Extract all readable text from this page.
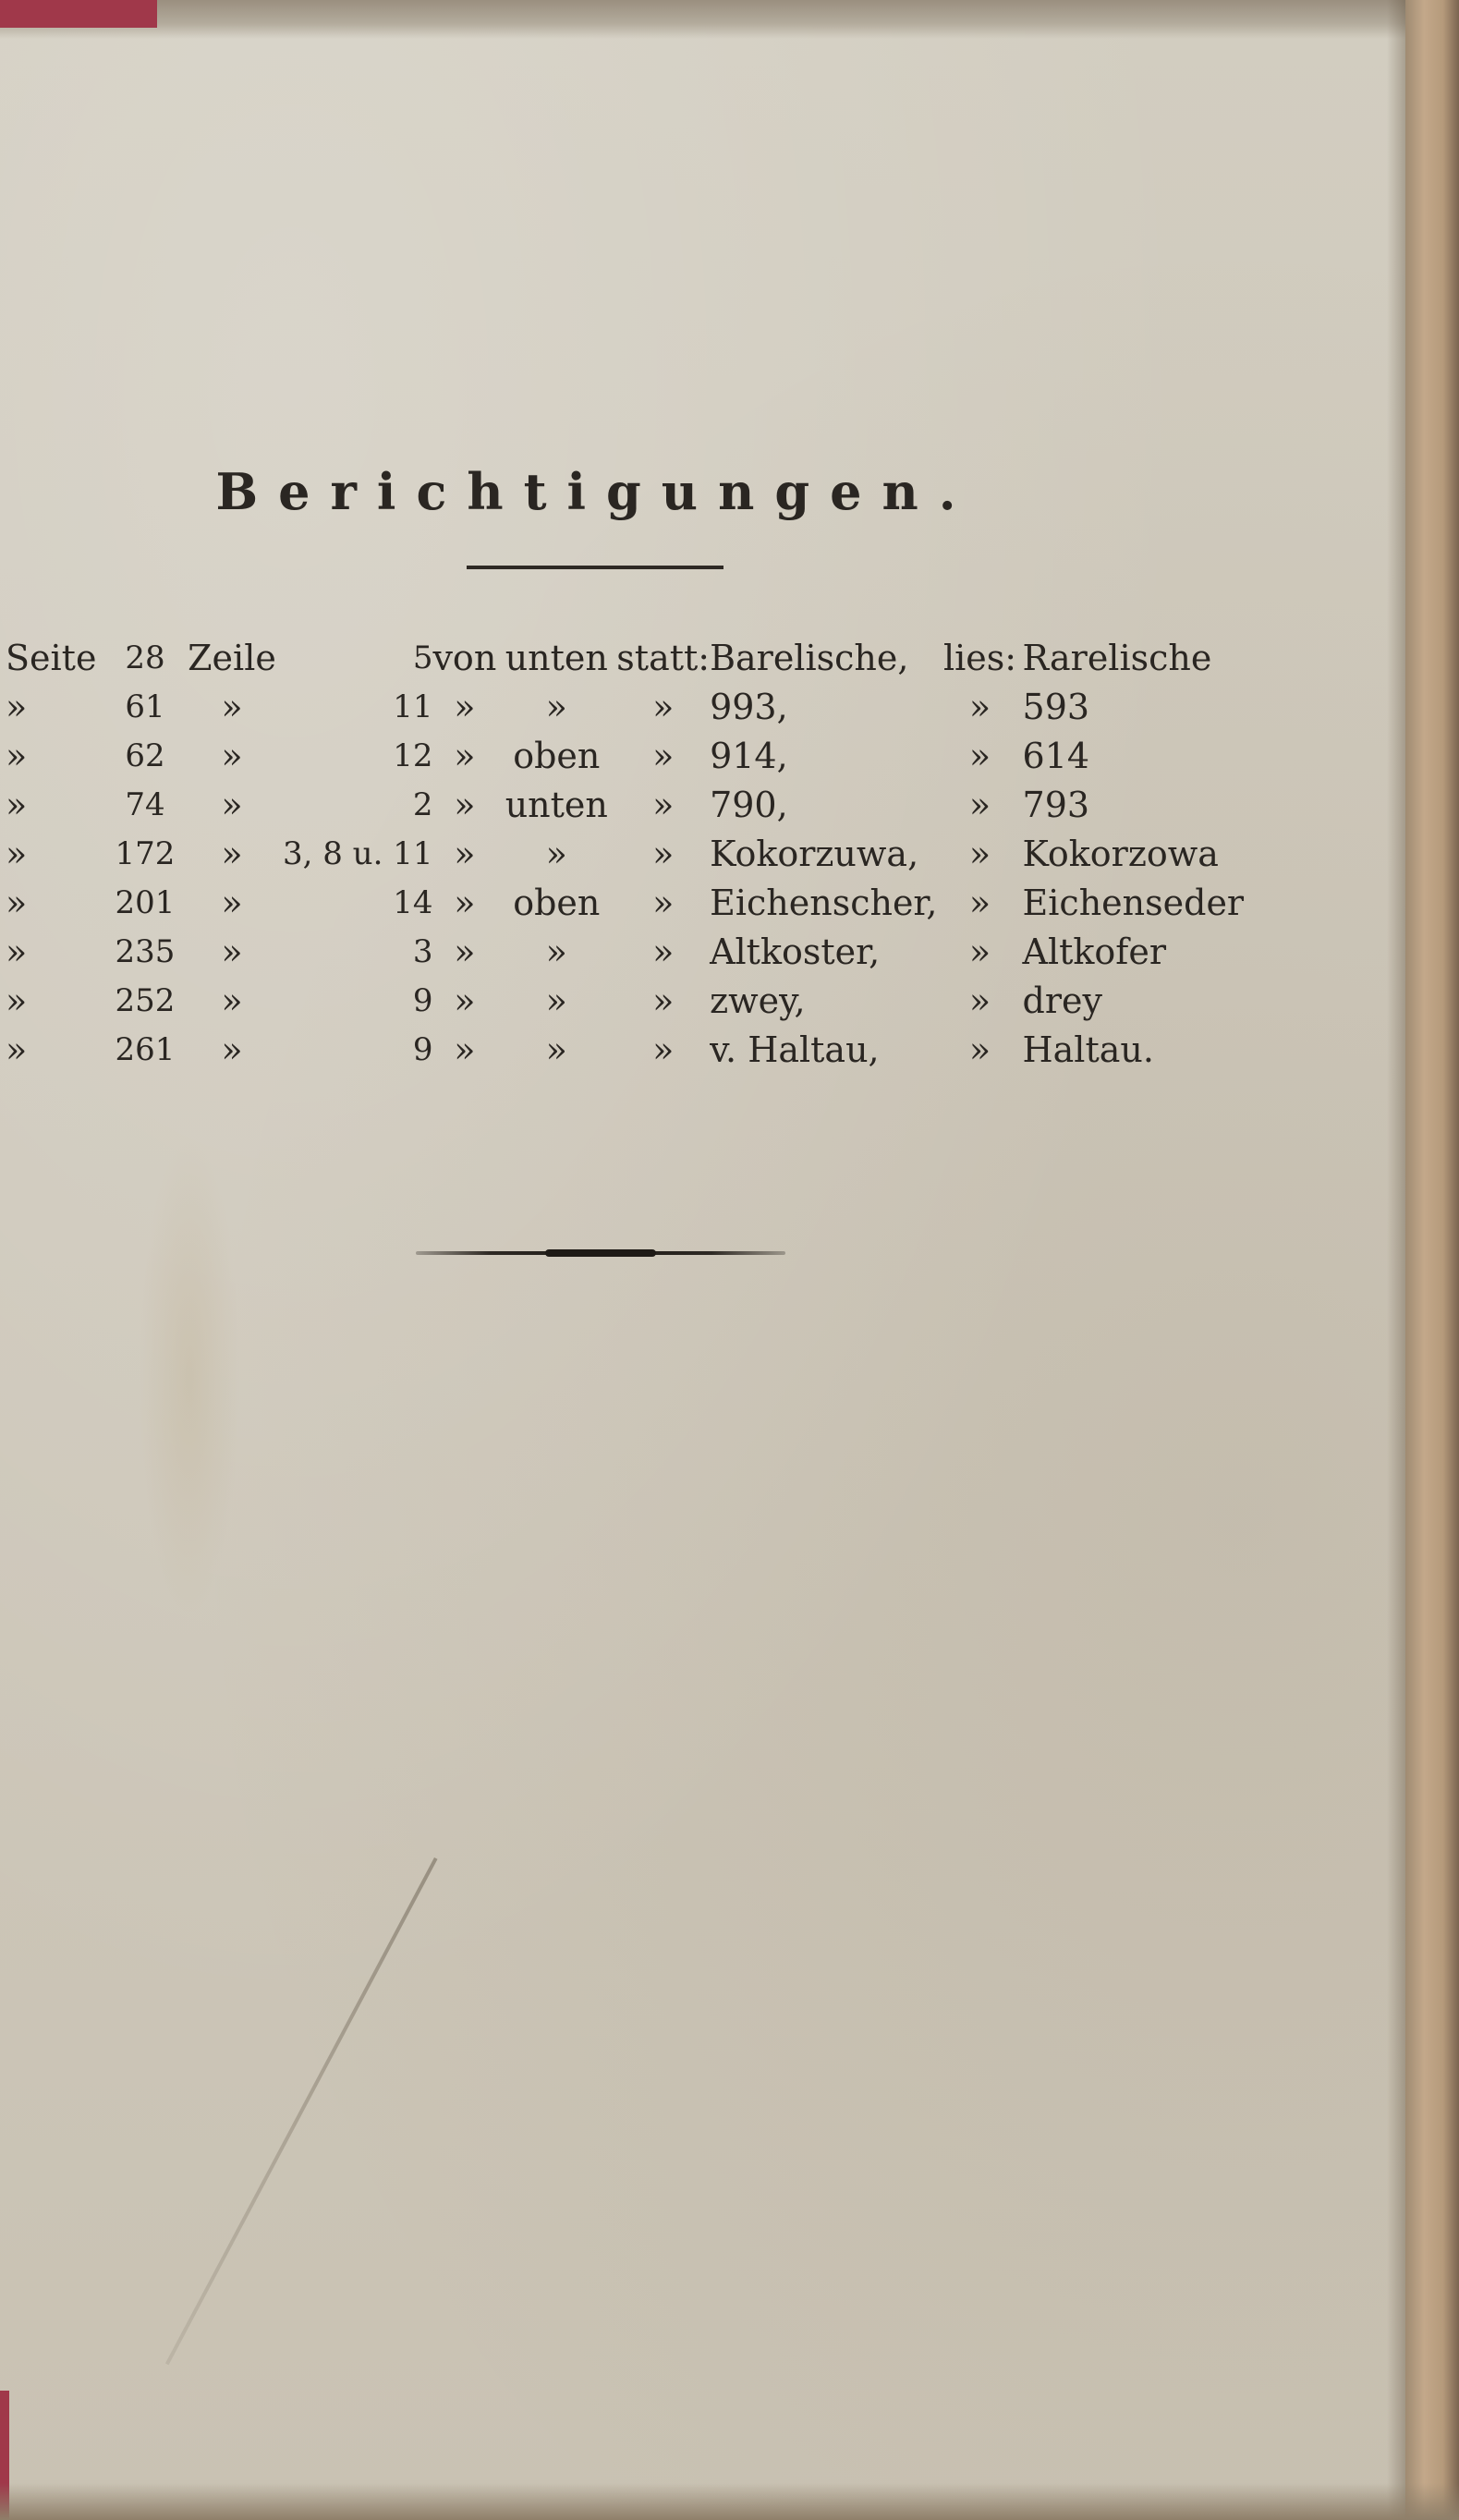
Berichtigungen.
Seite	28	Zeile	5	von	unten	statt:	Barelische,	lies:	Rarelische
»	61	»	11	»	»	»	993,	»	593
»	62	»	12	»	oben	»	914,	»	614
»	74	»	2	»	unten	»	790,	»	793
»	172	»	3, 8 u. 11	»	»	»	Kokorzuwa,	»	Kokorzowa
»	201	»	14	»	oben	»	Eichenscher,	»	Eichenseder
»	235	»	3	»	»	»	Altkoster,	»	Altkofer
»	252	»	9	»	»	»	zwey,	»	drey
»	261	»	9	»	»	»	v. Haltau,	»	Haltau.
